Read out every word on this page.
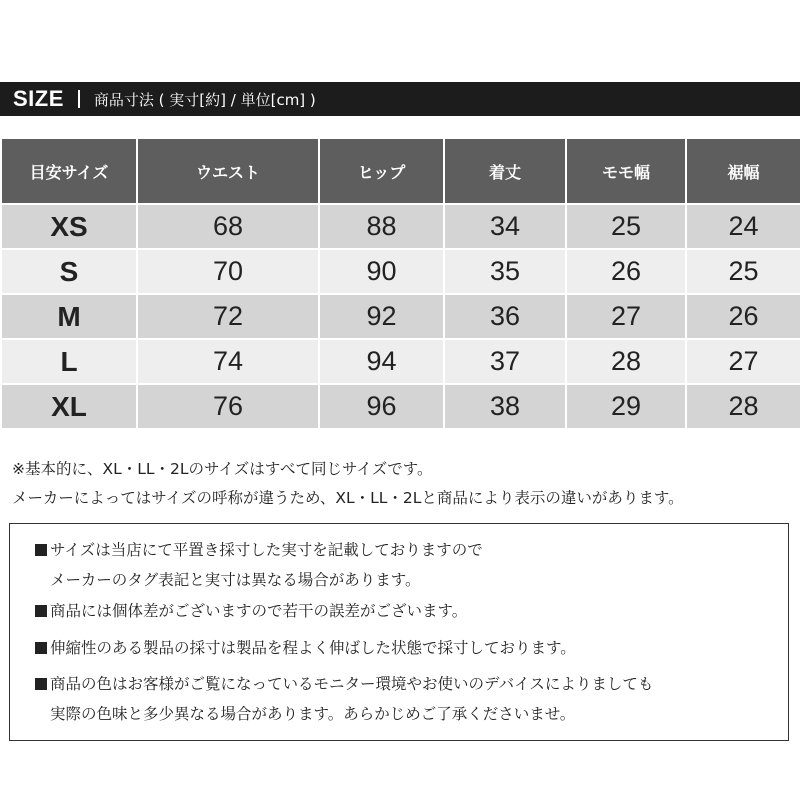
SIZE 商品寸法 ( 実寸[約] / 単位[cm] )
目安サイズ	ウエスト	ヒップ	着丈	モモ幅	裾幅
XS	68	88	34	25	24
S	70	90	35	26	25
M	72	92	36	27	26
L	74	94	37	28	27
XL	76	96	38	29	28
※基本的に、XL・LL・2Lのサイズはすべて同じサイズです。
メーカーによってはサイズの呼称が違うため、XL・LL・2Lと商品により表示の違いがあります。
サイズは当店にて平置き採寸した実寸を記載しておりますので
メーカーのタグ表記と実寸は異なる場合があります。
商品には個体差がございますので若干の誤差がございます。
伸縮性のある製品の採寸は製品を程よく伸ばした状態で採寸しております。
商品の色はお客様がご覧になっているモニター環境やお使いのデバイスによりましても
実際の色味と多少異なる場合があります。あらかじめご了承くださいませ。
